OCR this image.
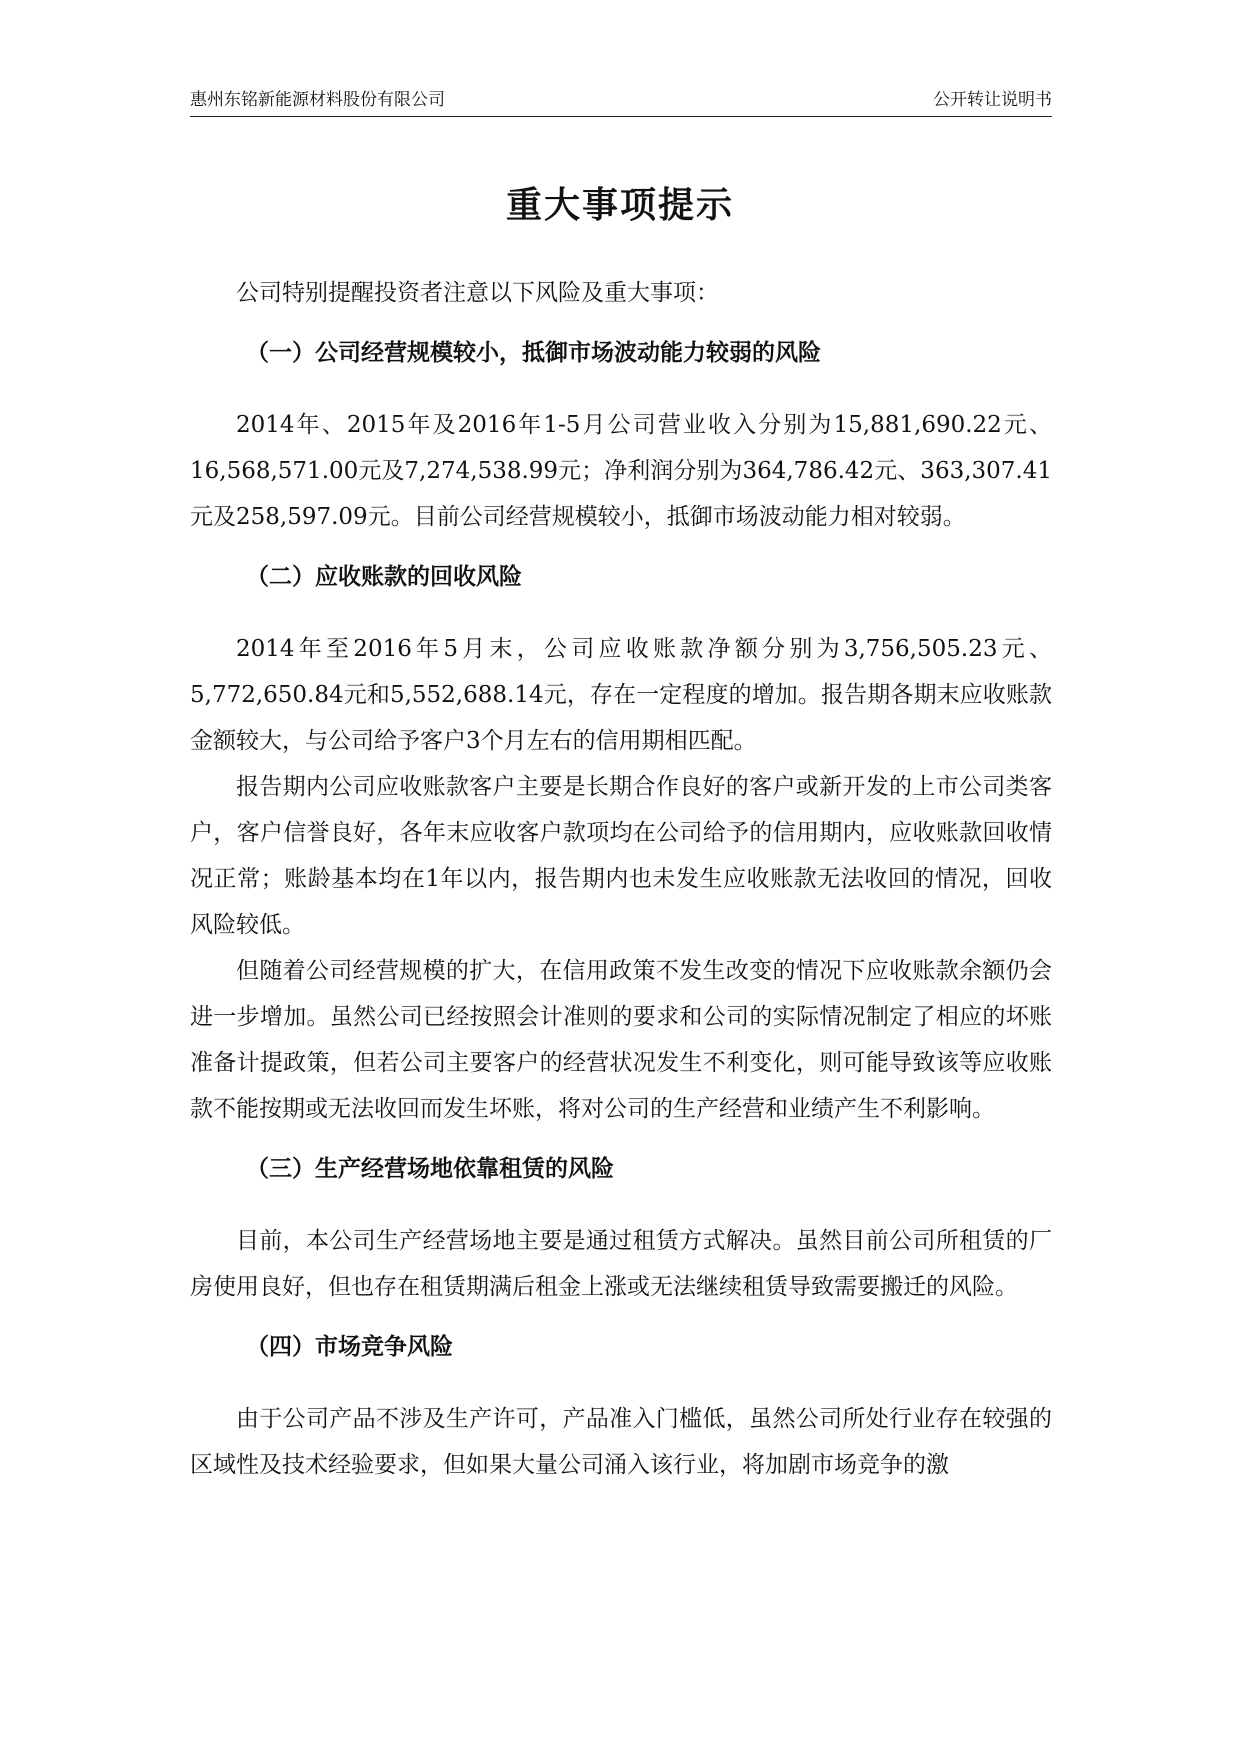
惠州东铭新能源材料股份有限公司	公开转让说明书
重大事项提示

公司特别提醒投资者注意以下风险及重大事项：

（一）公司经营规模较小，抵御市场波动能力较弱的风险

2014年、2015年及2016年1-5月公司营业收入分别为15,881,690.22元、16,568,571.00元及7,274,538.99元；净利润分别为364,786.42元、363,307.41元及258,597.09元。目前公司经营规模较小，抵御市场波动能力相对较弱。

（二）应收账款的回收风险

2014年至2016年5月末，公司应收账款净额分别为3,756,505.23元、5,772,650.84元和5,552,688.14元，存在一定程度的增加。报告期各期末应收账款金额较大，与公司给予客户3个月左右的信用期相匹配。

报告期内公司应收账款客户主要是长期合作良好的客户或新开发的上市公司类客户，客户信誉良好，各年末应收客户款项均在公司给予的信用期内，应收账款回收情况正常；账龄基本均在1年以内，报告期内也未发生应收账款无法收回的情况，回收风险较低。

但随着公司经营规模的扩大，在信用政策不发生改变的情况下应收账款余额仍会进一步增加。虽然公司已经按照会计准则的要求和公司的实际情况制定了相应的坏账准备计提政策，但若公司主要客户的经营状况发生不利变化，则可能导致该等应收账款不能按期或无法收回而发生坏账，将对公司的生产经营和业绩产生不利影响。

（三）生产经营场地依靠租赁的风险

目前，本公司生产经营场地主要是通过租赁方式解决。虽然目前公司所租赁的厂房使用良好，但也存在租赁期满后租金上涨或无法继续租赁导致需要搬迁的风险。

（四）市场竞争风险

由于公司产品不涉及生产许可，产品准入门槛低，虽然公司所处行业存在较强的区域性及技术经验要求，但如果大量公司涌入该行业，将加剧市场竞争的激
